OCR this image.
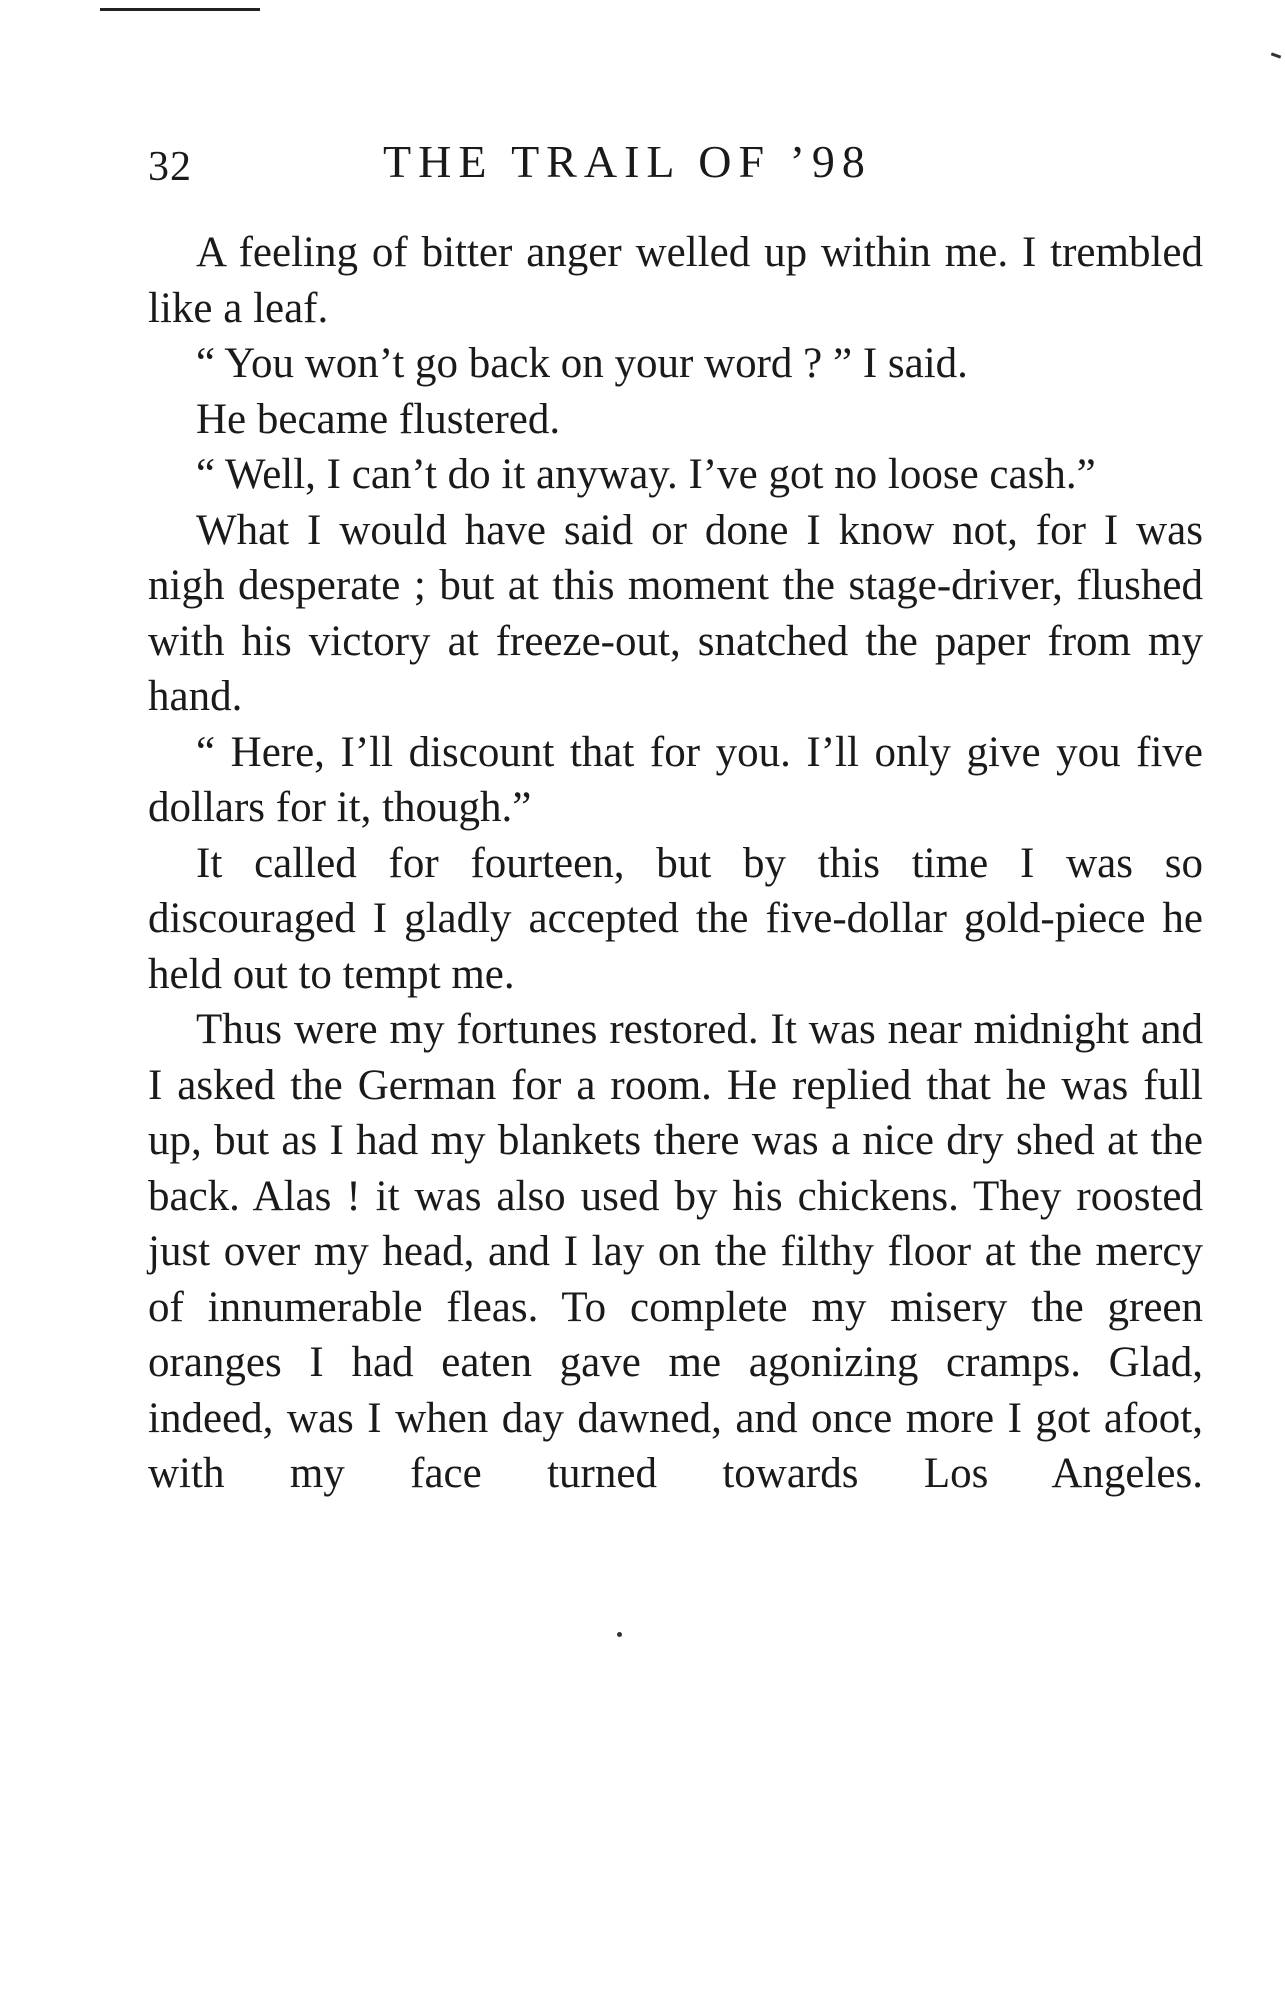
32	THE TRAIL OF ’98

A feeling of bitter anger welled up within me. I trembled like a leaf.

“ You won’t go back on your word ? ” I said.

He became flustered.

“ Well, I can’t do it anyway. I’ve got no loose cash.”

What I would have said or done I know not, for I was nigh desperate ; but at this moment the stage-driver, flushed with his victory at freeze-out, snatched the paper from my hand.

“ Here, I’ll discount that for you. I’ll only give you five dollars for it, though.”

It called for fourteen, but by this time I was so discouraged I gladly accepted the five-dollar gold-piece he held out to tempt me.

Thus were my fortunes restored. It was near midnight and I asked the German for a room. He replied that he was full up, but as I had my blankets there was a nice dry shed at the back. Alas ! it was also used by his chickens. They roosted just over my head, and I lay on the filthy floor at the mercy of innumerable fleas. To complete my misery the green oranges I had eaten gave me agonizing cramps. Glad, indeed, was I when day dawned, and once more I got afoot, with my face turned towards Los Angeles.
